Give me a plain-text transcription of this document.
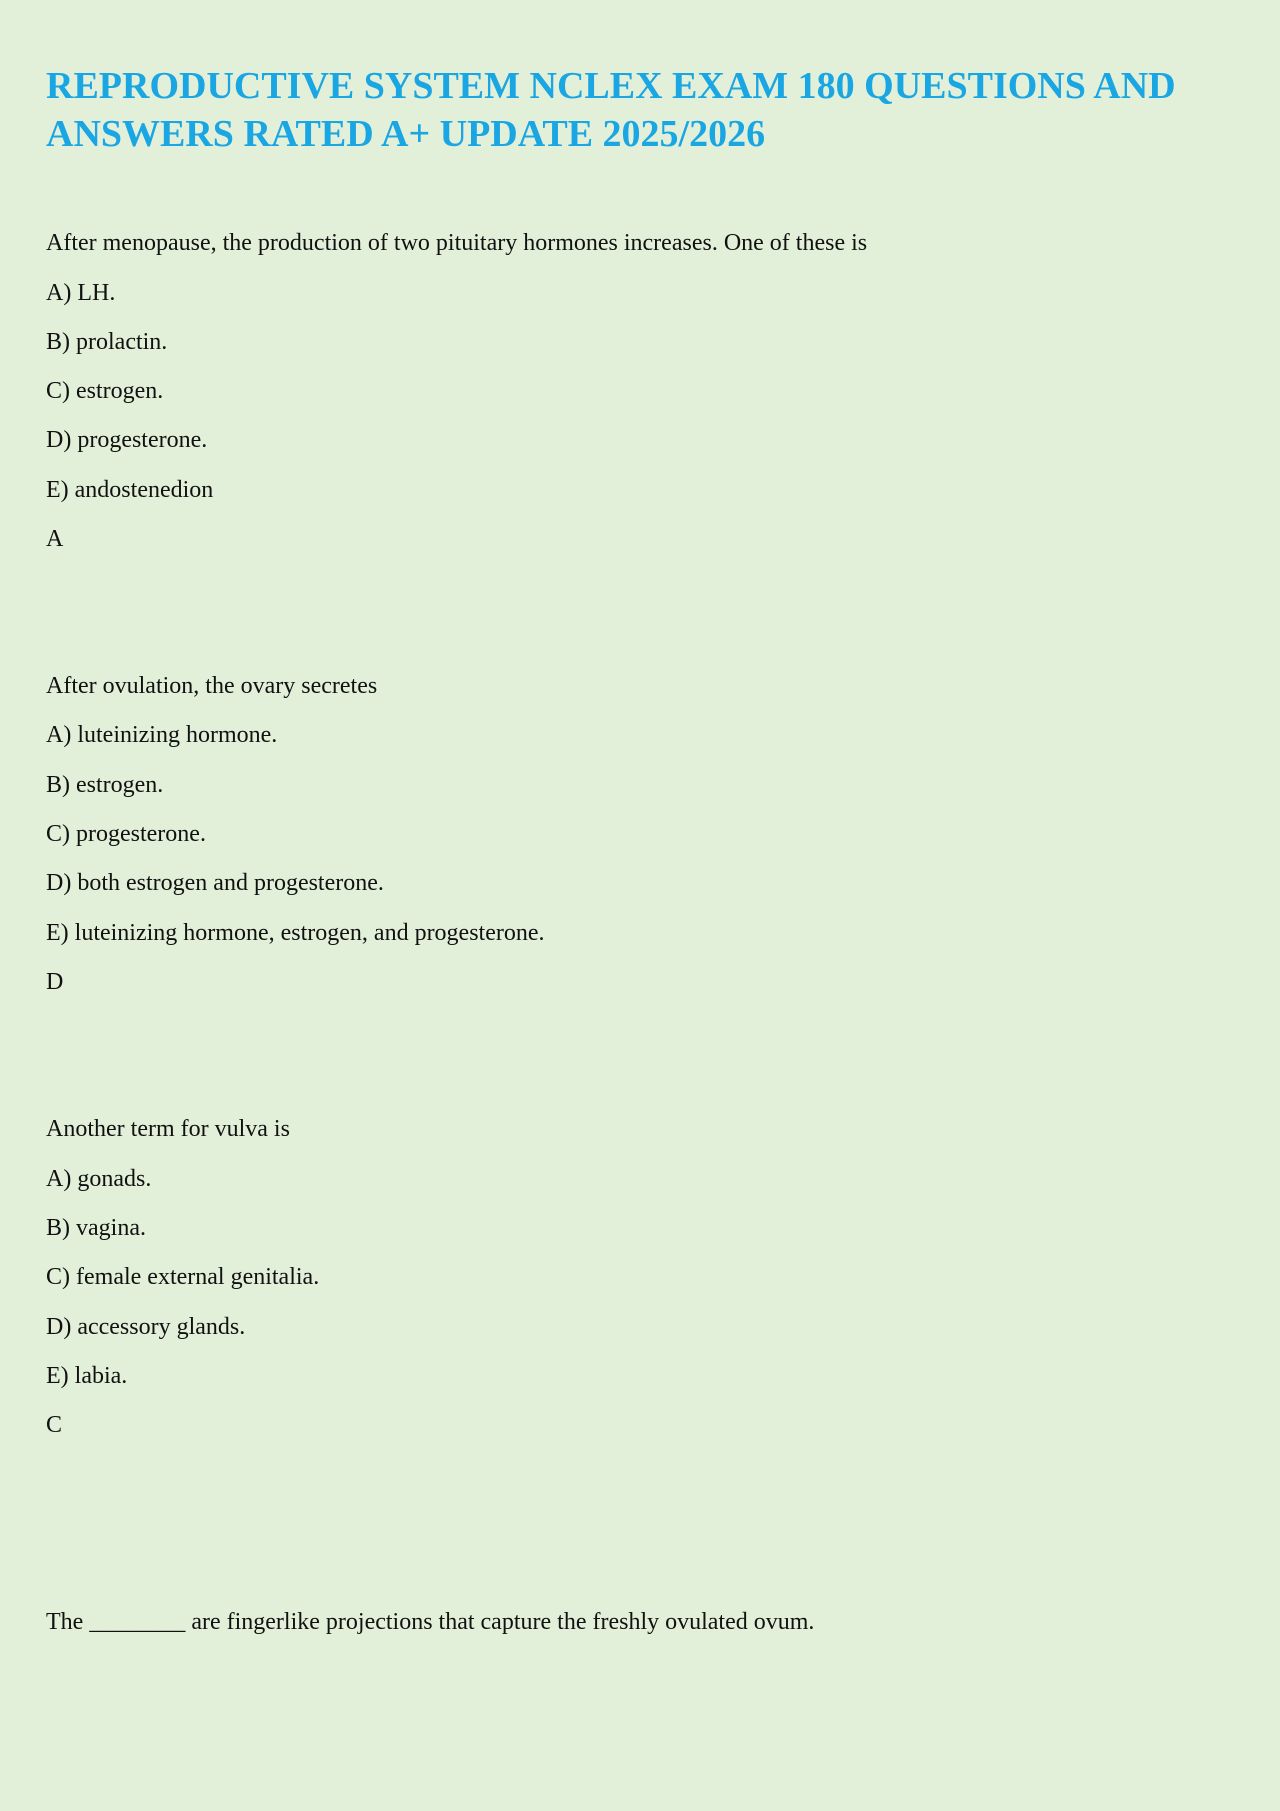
REPRODUCTIVE SYSTEM NCLEX EXAM 180 QUESTIONS AND ANSWERS RATED A+ UPDATE 2025/2026

After menopause, the production of two pituitary hormones increases. One of these is

A) LH.

B) prolactin.

C) estrogen.

D) progesterone.

E) andostenedion

A

After ovulation, the ovary secretes

A) luteinizing hormone.

B) estrogen.

C) progesterone.

D) both estrogen and progesterone.

E) luteinizing hormone, estrogen, and progesterone.

D

Another term for vulva is

A) gonads.

B) vagina.

C) female external genitalia.

D) accessory glands.

E) labia.

C

The ________ are fingerlike projections that capture the freshly ovulated ovum.
